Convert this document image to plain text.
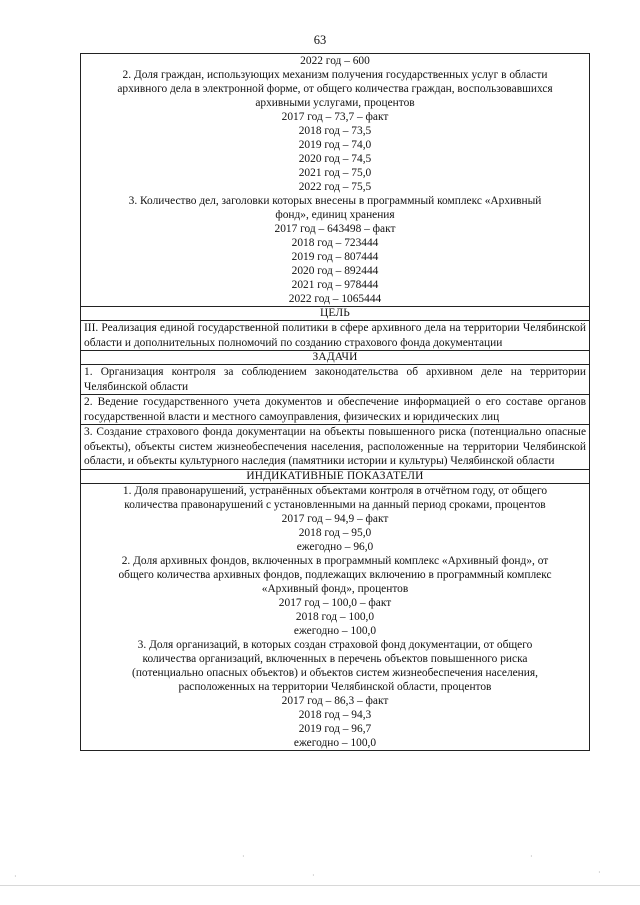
63
2022 год – 600
2. Доля граждан, использующих механизм получения государственных услуг в области
архивного дела в электронной форме, от общего количества граждан, воспользовавшихся
архивными услугами, процентов
2017 год – 73,7 – факт
2018 год – 73,5
2019 год – 74,0
2020 год – 74,5
2021 год – 75,0
2022 год – 75,5
3. Количество дел, заголовки которых внесены в программный комплекс «Архивный
фонд», единиц хранения
2017 год – 643498 – факт
2018 год – 723444
2019 год – 807444
2020 год – 892444
2021 год – 978444
2022 год – 1065444
ЦЕЛЬ
III. Реализация единой государственной политики в сфере архивного дела на территории Челябинской области и дополнительных полномочий по созданию страхового фонда документации
ЗАДАЧИ
1. Организация контроля за соблюдением законодательства об архивном деле на территории Челябинской области
2. Ведение государственного учета документов и обеспечение информацией о его составе органов государственной власти и местного самоуправления, физических и юридических лиц
3. Создание страхового фонда документации на объекты повышенного риска (потенциально опасные объекты), объекты систем жизнеобеспечения населения, расположенные на территории Челябинской области, и объекты культурного наследия (памятники истории и культуры) Челябинской области
ИНДИКАТИВНЫЕ ПОКАЗАТЕЛИ
1. Доля правонарушений, устранённых объектами контроля в отчётном году, от общего
количества правонарушений с установленными на данный период сроками, процентов
2017 год – 94,9 – факт
2018 год – 95,0
ежегодно – 96,0
2. Доля архивных фондов, включенных в программный комплекс «Архивный фонд», от
общего количества архивных фондов, подлежащих включению в программный комплекс
«Архивный фонд», процентов
2017 год – 100,0 – факт
2018 год – 100,0
ежегодно – 100,0
3. Доля организаций, в которых создан страховой фонд документации, от общего
количества организаций, включенных в перечень объектов повышенного риска
(потенциально опасных объектов) и объектов систем жизнеобеспечения населения,
расположенных на территории Челябинской области, процентов
2017 год – 86,3 – факт
2018 год – 94,3
2019 год – 96,7
ежегодно – 100,0
·
·
·
·
·
